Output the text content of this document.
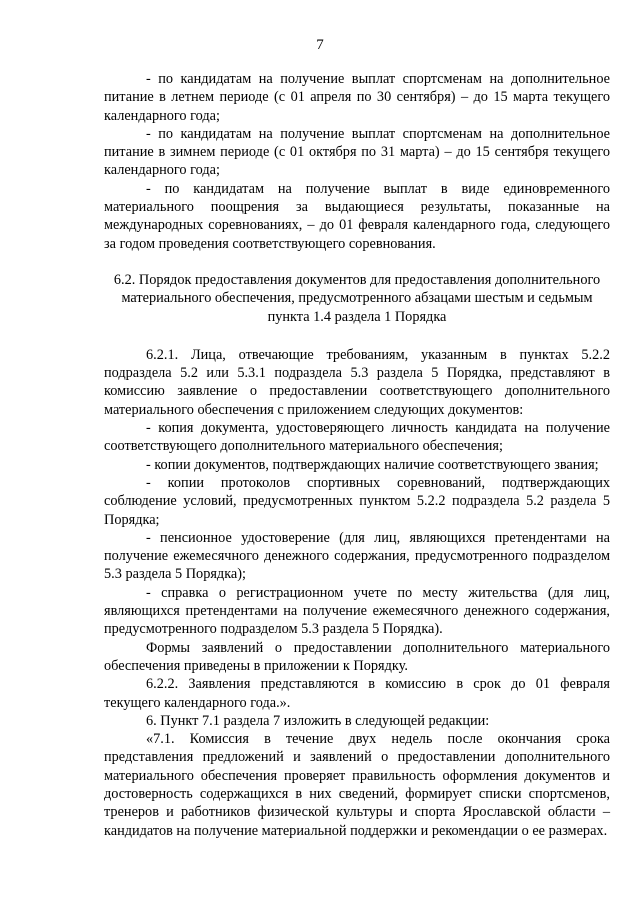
7

- по кандидатам на получение выплат спортсменам на дополнительное питание в летнем периоде (с 01 апреля по 30 сентября) – до 15 марта текущего календарного года;

- по кандидатам на получение выплат спортсменам на дополнительное питание в зимнем периоде (с 01 октября по 31 марта) – до 15 сентября текущего календарного года;

- по кандидатам на получение выплат в виде единовременного материального поощрения за выдающиеся результаты, показанные на международных соревнованиях, – до 01 февраля календарного года, следующего за годом проведения соответствующего соревнования.

6.2. Порядок предоставления документов для предоставления дополнительного материального обеспечения, предусмотренного абзацами шестым и седьмым пункта 1.4 раздела 1 Порядка

6.2.1. Лица, отвечающие требованиям, указанным в пунктах 5.2.2 подраздела 5.2 или 5.3.1 подраздела 5.3 раздела 5 Порядка, представляют в комиссию заявление о предоставлении соответствующего дополнительного материального обеспечения с приложением следующих документов:

- копия документа, удостоверяющего личность кандидата на получение соответствующего дополнительного материального обеспечения;

- копии документов, подтверждающих наличие соответствующего звания;

- копии протоколов спортивных соревнований, подтверждающих соблюдение условий, предусмотренных пунктом 5.2.2 подраздела 5.2 раздела 5 Порядка;

- пенсионное удостоверение (для лиц, являющихся претендентами на получение ежемесячного денежного содержания, предусмотренного подразделом 5.3 раздела 5 Порядка);

- справка о регистрационном учете по месту жительства (для лиц, являющихся претендентами на получение ежемесячного денежного содержания, предусмотренного подразделом 5.3 раздела 5 Порядка).

Формы заявлений о предоставлении дополнительного материального обеспечения приведены в приложении к Порядку.

6.2.2. Заявления представляются в комиссию в срок до 01 февраля текущего календарного года.».

6. Пункт 7.1 раздела 7 изложить в следующей редакции:

«7.1. Комиссия в течение двух недель после окончания срока представления предложений и заявлений о предоставлении дополнительного материального обеспечения проверяет правильность оформления документов и достоверность содержащихся в них сведений, формирует списки спортсменов, тренеров и работников физической культуры и спорта Ярославской области – кандидатов на получение материальной поддержки и рекомендации о ее размерах.
